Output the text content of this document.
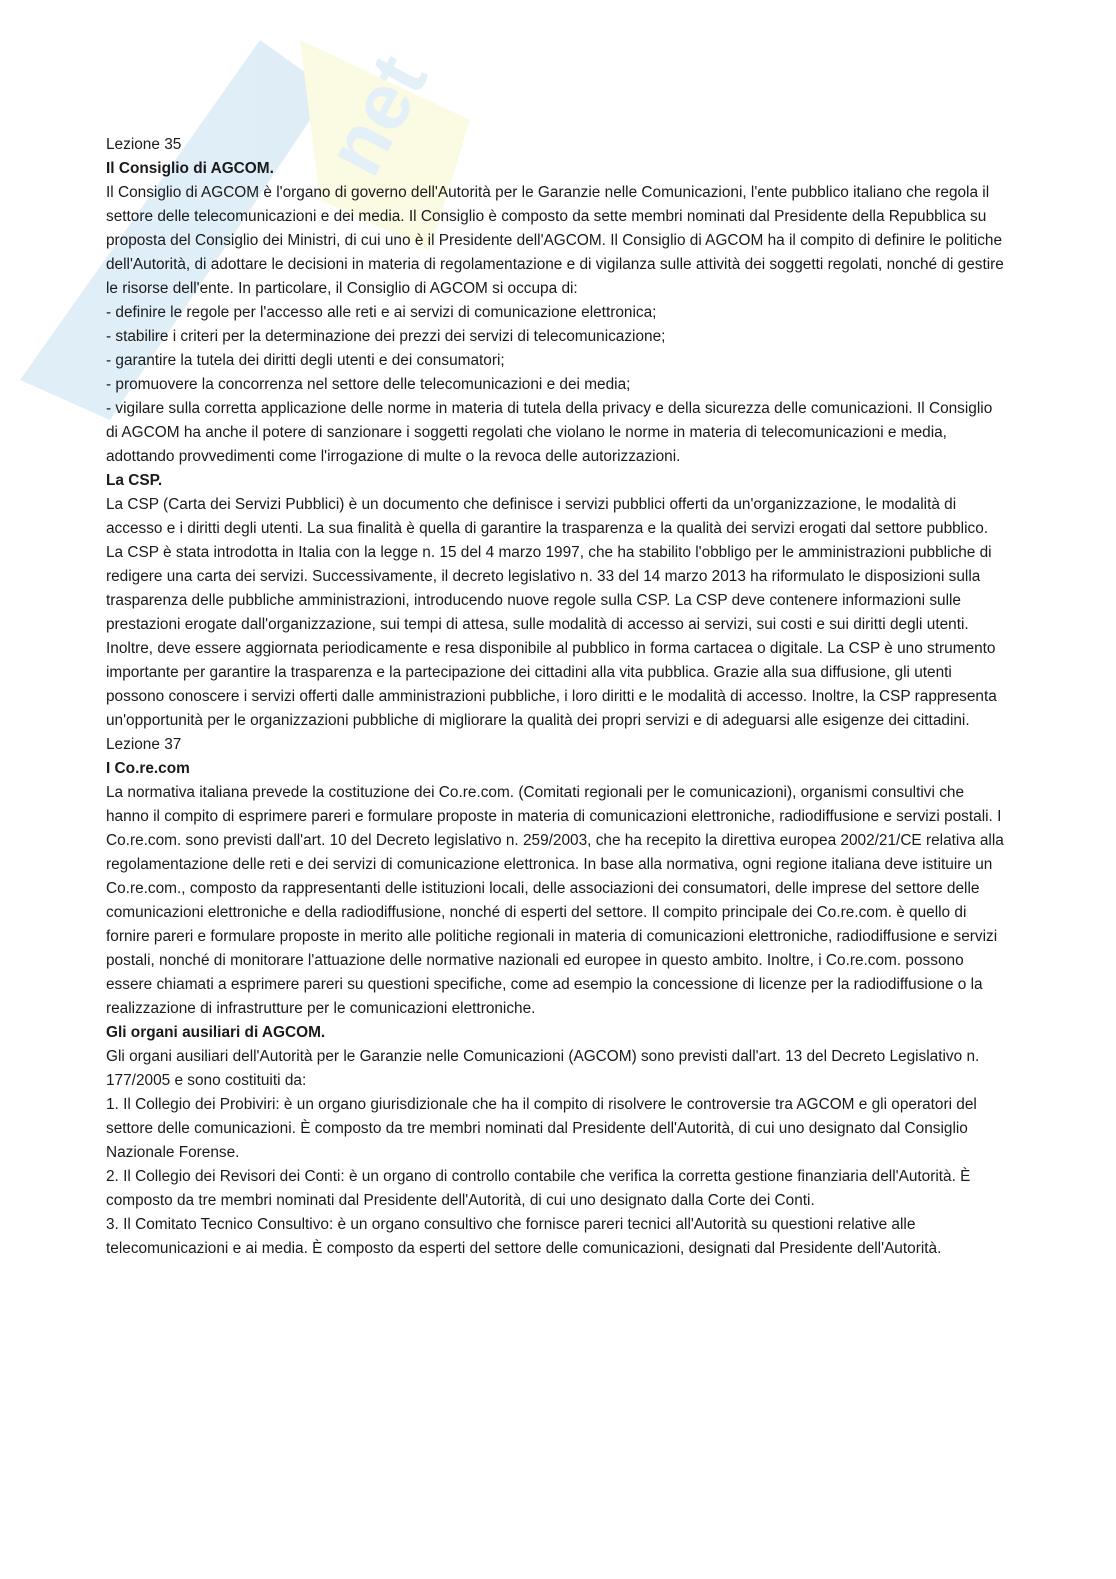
net

Lezione 35

Il Consiglio di AGCOM.

Il Consiglio di AGCOM è l'organo di governo dell'Autorità per le Garanzie nelle Comunicazioni, l'ente pubblico italiano che regola il settore delle telecomunicazioni e dei media. Il Consiglio è composto da sette membri nominati dal Presidente della Repubblica su proposta del Consiglio dei Ministri, di cui uno è il Presidente dell'AGCOM. Il Consiglio di AGCOM ha il compito di definire le politiche dell'Autorità, di adottare le decisioni in materia di regolamentazione e di vigilanza sulle attività dei soggetti regolati, nonché di gestire le risorse dell'ente. In particolare, il Consiglio di AGCOM si occupa di:

- definire le regole per l'accesso alle reti e ai servizi di comunicazione elettronica;

- stabilire i criteri per la determinazione dei prezzi dei servizi di telecomunicazione;

- garantire la tutela dei diritti degli utenti e dei consumatori;

- promuovere la concorrenza nel settore delle telecomunicazioni e dei media;

- vigilare sulla corretta applicazione delle norme in materia di tutela della privacy e della sicurezza delle comunicazioni. Il Consiglio di AGCOM ha anche il potere di sanzionare i soggetti regolati che violano le norme in materia di telecomunicazioni e media, adottando provvedimenti come l'irrogazione di multe o la revoca delle autorizzazioni.

La CSP.

La CSP (Carta dei Servizi Pubblici) è un documento che definisce i servizi pubblici offerti da un'organizzazione, le modalità di accesso e i diritti degli utenti. La sua finalità è quella di garantire la trasparenza e la qualità dei servizi erogati dal settore pubblico. La CSP è stata introdotta in Italia con la legge n. 15 del 4 marzo 1997, che ha stabilito l'obbligo per le amministrazioni pubbliche di redigere una carta dei servizi. Successivamente, il decreto legislativo n. 33 del 14 marzo 2013 ha riformulato le disposizioni sulla trasparenza delle pubbliche amministrazioni, introducendo nuove regole sulla CSP. La CSP deve contenere informazioni sulle prestazioni erogate dall'organizzazione, sui tempi di attesa, sulle modalità di accesso ai servizi, sui costi e sui diritti degli utenti. Inoltre, deve essere aggiornata periodicamente e resa disponibile al pubblico in forma cartacea o digitale. La CSP è uno strumento importante per garantire la trasparenza e la partecipazione dei cittadini alla vita pubblica. Grazie alla sua diffusione, gli utenti possono conoscere i servizi offerti dalle amministrazioni pubbliche, i loro diritti e le modalità di accesso. Inoltre, la CSP rappresenta un'opportunità per le organizzazioni pubbliche di migliorare la qualità dei propri servizi e di adeguarsi alle esigenze dei cittadini.

Lezione 37

I Co.re.com

La normativa italiana prevede la costituzione dei Co.re.com. (Comitati regionali per le comunicazioni), organismi consultivi che hanno il compito di esprimere pareri e formulare proposte in materia di comunicazioni elettroniche, radiodiffusione e servizi postali. I Co.re.com. sono previsti dall'art. 10 del Decreto legislativo n. 259/2003, che ha recepito la direttiva europea 2002/21/CE relativa alla regolamentazione delle reti e dei servizi di comunicazione elettronica. In base alla normativa, ogni regione italiana deve istituire un Co.re.com., composto da rappresentanti delle istituzioni locali, delle associazioni dei consumatori, delle imprese del settore delle comunicazioni elettroniche e della radiodiffusione, nonché di esperti del settore. Il compito principale dei Co.re.com. è quello di fornire pareri e formulare proposte in merito alle politiche regionali in materia di comunicazioni elettroniche, radiodiffusione e servizi postali, nonché di monitorare l'attuazione delle normative nazionali ed europee in questo ambito. Inoltre, i Co.re.com. possono essere chiamati a esprimere pareri su questioni specifiche, come ad esempio la concessione di licenze per la radiodiffusione o la realizzazione di infrastrutture per le comunicazioni elettroniche.

Gli organi ausiliari di AGCOM.

Gli organi ausiliari dell'Autorità per le Garanzie nelle Comunicazioni (AGCOM) sono previsti dall'art. 13 del Decreto Legislativo n. 177/2005 e sono costituiti da:

1. Il Collegio dei Probiviri: è un organo giurisdizionale che ha il compito di risolvere le controversie tra AGCOM e gli operatori del settore delle comunicazioni. È composto da tre membri nominati dal Presidente dell'Autorità, di cui uno designato dal Consiglio Nazionale Forense.

2. Il Collegio dei Revisori dei Conti: è un organo di controllo contabile che verifica la corretta gestione finanziaria dell'Autorità. È composto da tre membri nominati dal Presidente dell'Autorità, di cui uno designato dalla Corte dei Conti.

3. Il Comitato Tecnico Consultivo: è un organo consultivo che fornisce pareri tecnici all'Autorità su questioni relative alle telecomunicazioni e ai media. È composto da esperti del settore delle comunicazioni, designati dal Presidente dell'Autorità.
